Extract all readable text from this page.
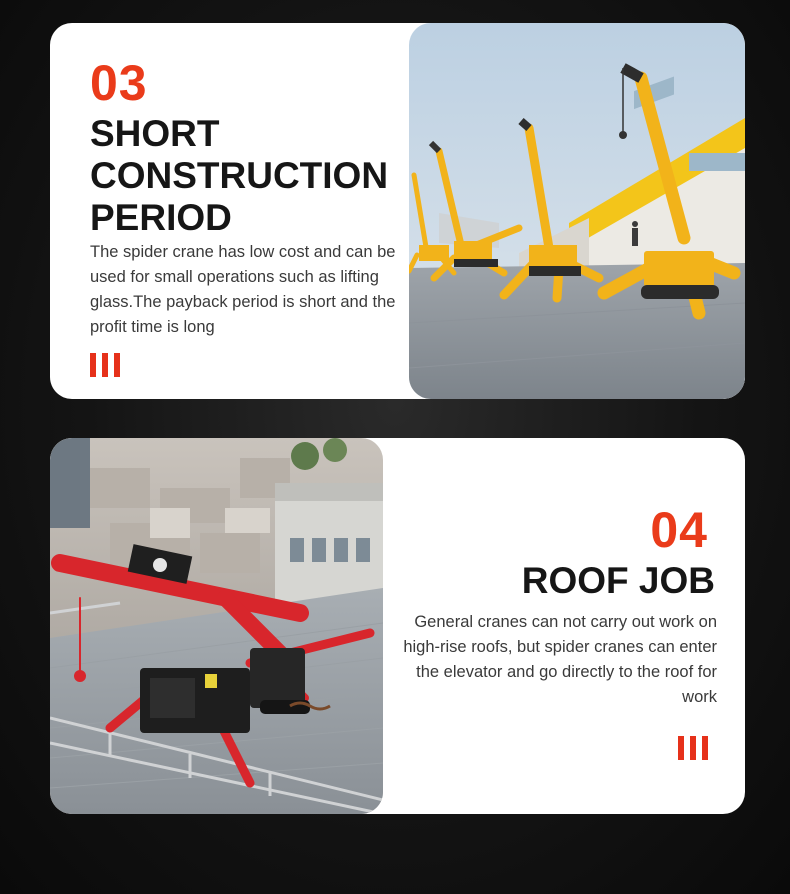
03
SHORT
CONSTRUCTION
PERIOD

The spider crane has low cost and can be used for small operations such as lifting glass.The payback period is short and the profit time is long

04
ROOF JOB

General cranes can not carry out work on high-rise roofs, but spider cranes can enter the elevator and go directly to the roof for work
